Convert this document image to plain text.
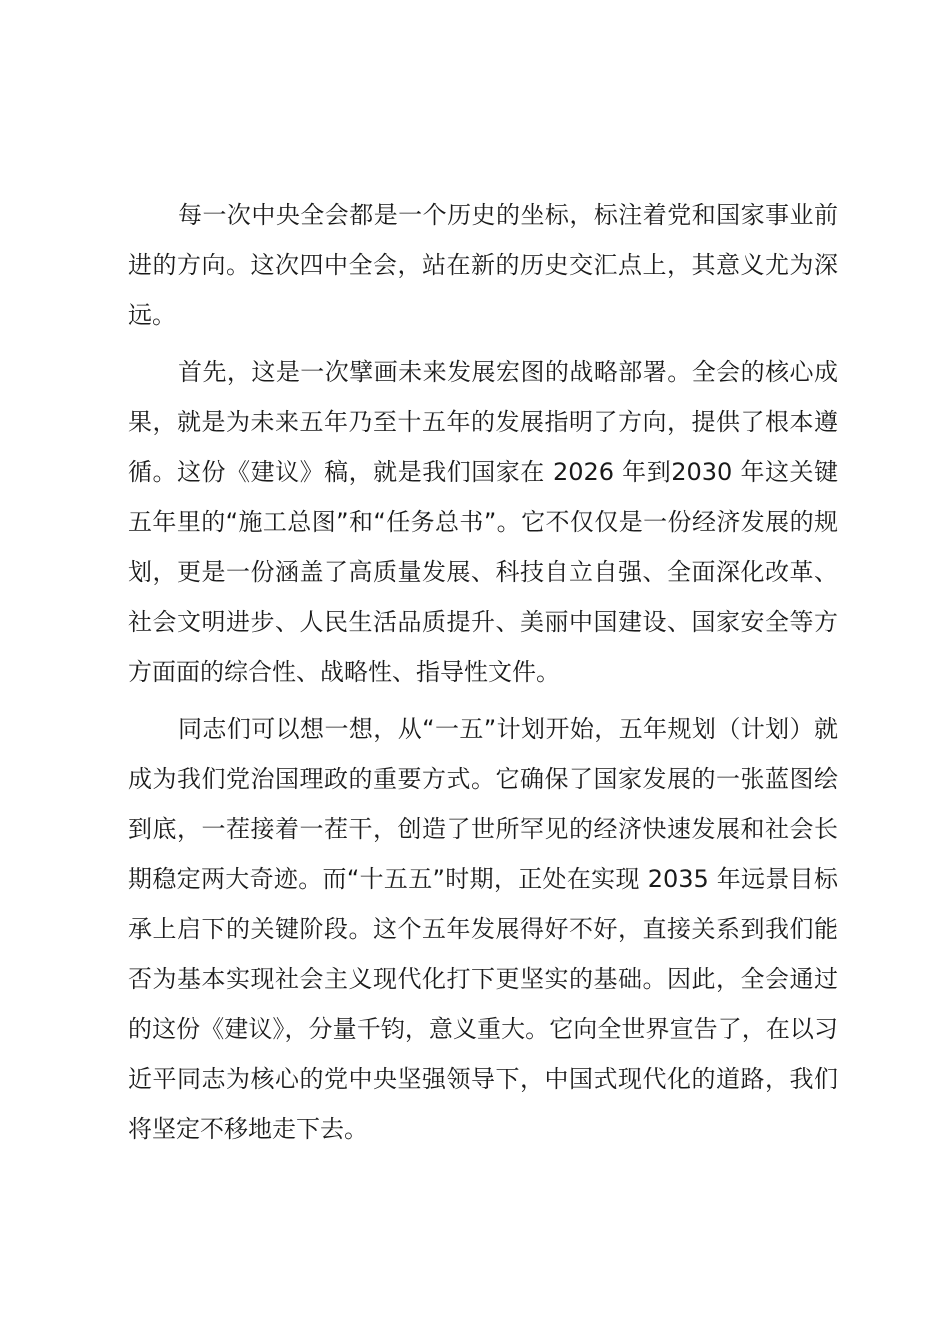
每一次中央全会都是一个历史的坐标，标注着党和国家事业前进的方向。这次四中全会，站在新的历史交汇点上，其意义尤为深远。

首先，这是一次擘画未来发展宏图的战略部署。全会的核心成果，就是为未来五年乃至十五年的发展指明了方向，提供了根本遵循。这份《建议》稿，就是我们国家在 2026 年到2030 年这关键五年里的“施工总图”和“任务总书”。它不仅仅是一份经济发展的规划，更是一份涵盖了高质量发展、科技自立自强、全面深化改革、社会文明进步、人民生活品质提升、美丽中国建设、国家安全等方方面面的综合性、战略性、指导性文件。

同志们可以想一想，从“一五”计划开始，五年规划（计划）就成为我们党治国理政的重要方式。它确保了国家发展的一张蓝图绘到底，一茬接着一茬干，创造了世所罕见的经济快速发展和社会长期稳定两大奇迹。而“十五五”时期，正处在实现 2035 年远景目标承上启下的关键阶段。这个五年发展得好不好，直接关系到我们能否为基本实现社会主义现代化打下更坚实的基础。因此，全会通过的这份《建议》，分量千钧，意义重大。它向全世界宣告了，在以习近平同志为核心的党中央坚强领导下，中国式现代化的道路，我们将坚定不移地走下去。
